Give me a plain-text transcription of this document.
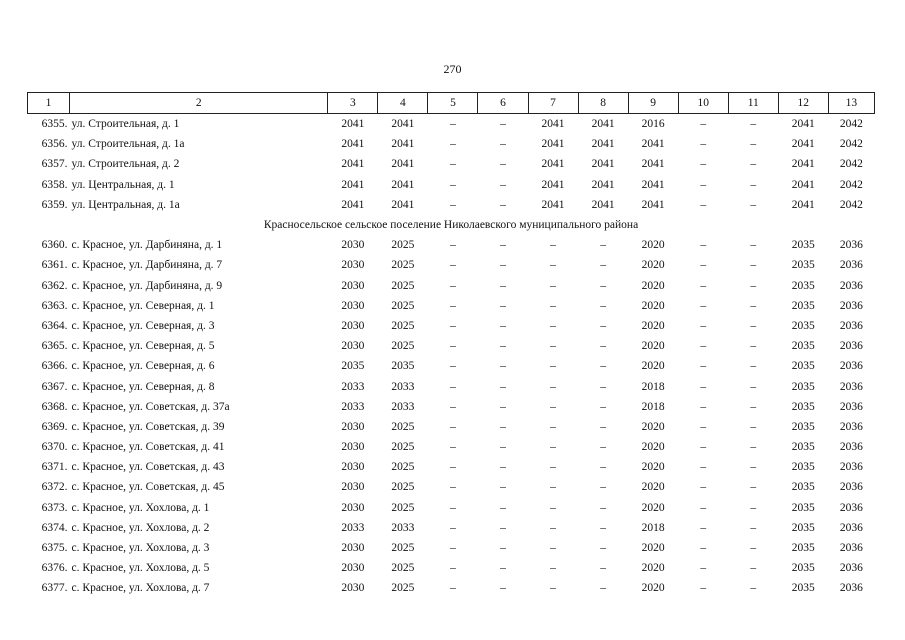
270
1	2	3	4	5	6	7	8	9	10	11	12	13
6355.	ул. Строительная, д. 1	2041	2041	–	–	2041	2041	2016	–	–	2041	2042
6356.	ул. Строительная, д. 1а	2041	2041	–	–	2041	2041	2041	–	–	2041	2042
6357.	ул. Строительная, д. 2	2041	2041	–	–	2041	2041	2041	–	–	2041	2042
6358.	ул. Центральная, д. 1	2041	2041	–	–	2041	2041	2041	–	–	2041	2042
6359.	ул. Центральная, д. 1а	2041	2041	–	–	2041	2041	2041	–	–	2041	2042
Красносельское сельское поселение Николаевского муниципального района												
6360.	с. Красное, ул. Дарбиняна, д. 1	2030	2025	–	–	–	–	2020	–	–	2035	2036
6361.	с. Красное, ул. Дарбиняна, д. 7	2030	2025	–	–	–	–	2020	–	–	2035	2036
6362.	с. Красное, ул. Дарбиняна, д. 9	2030	2025	–	–	–	–	2020	–	–	2035	2036
6363.	с. Красное, ул. Северная, д. 1	2030	2025	–	–	–	–	2020	–	–	2035	2036
6364.	с. Красное, ул. Северная, д. 3	2030	2025	–	–	–	–	2020	–	–	2035	2036
6365.	с. Красное, ул. Северная, д. 5	2030	2025	–	–	–	–	2020	–	–	2035	2036
6366.	с. Красное, ул. Северная, д. 6	2035	2035	–	–	–	–	2020	–	–	2035	2036
6367.	с. Красное, ул. Северная, д. 8	2033	2033	–	–	–	–	2018	–	–	2035	2036
6368.	с. Красное, ул. Советская, д. 37а	2033	2033	–	–	–	–	2018	–	–	2035	2036
6369.	с. Красное, ул. Советская, д. 39	2030	2025	–	–	–	–	2020	–	–	2035	2036
6370.	с. Красное, ул. Советская, д. 41	2030	2025	–	–	–	–	2020	–	–	2035	2036
6371.	с. Красное, ул. Советская, д. 43	2030	2025	–	–	–	–	2020	–	–	2035	2036
6372.	с. Красное, ул. Советская, д. 45	2030	2025	–	–	–	–	2020	–	–	2035	2036
6373.	с. Красное, ул. Хохлова, д. 1	2030	2025	–	–	–	–	2020	–	–	2035	2036
6374.	с. Красное, ул. Хохлова, д. 2	2033	2033	–	–	–	–	2018	–	–	2035	2036
6375.	с. Красное, ул. Хохлова, д. 3	2030	2025	–	–	–	–	2020	–	–	2035	2036
6376.	с. Красное, ул. Хохлова, д. 5	2030	2025	–	–	–	–	2020	–	–	2035	2036
6377.	с. Красное, ул. Хохлова, д. 7	2030	2025	–	–	–	–	2020	–	–	2035	2036
